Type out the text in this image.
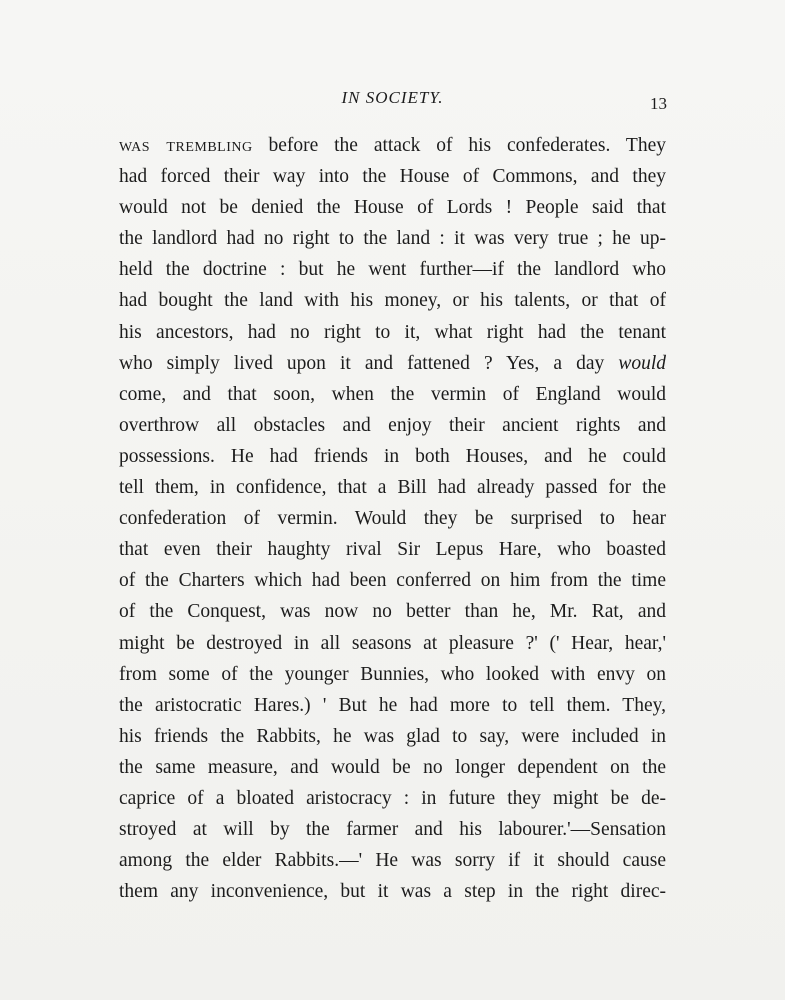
IN SOCIETY.	13
was trembling before the attack of his confederates. They
had forced their way into the House of Commons, and they
would not be denied the House of Lords ! People said that
the landlord had no right to the land : it was very true ; he up-
held the doctrine : but he went further—if the landlord who
had bought the land with his money, or his talents, or that of
his ancestors, had no right to it, what right had the tenant
who simply lived upon it and fattened ? Yes, a day would
come, and that soon, when the vermin of England would
overthrow all obstacles and enjoy their ancient rights and
possessions. He had friends in both Houses, and he could
tell them, in confidence, that a Bill had already passed for the
confederation of vermin. Would they be surprised to hear
that even their haughty rival Sir Lepus Hare, who boasted
of the Charters which had been conferred on him from the time
of the Conquest, was now no better than he, Mr. Rat, and
might be destroyed in all seasons at pleasure ?' (' Hear, hear,'
from some of the younger Bunnies, who looked with envy on
the aristocratic Hares.) ' But he had more to tell them. They,
his friends the Rabbits, he was glad to say, were included in
the same measure, and would be no longer dependent on the
caprice of a bloated aristocracy : in future they might be de-
stroyed at will by the farmer and his labourer.'—Sensation
among the elder Rabbits.—' He was sorry if it should cause
them any inconvenience, but it was a step in the right direc-
